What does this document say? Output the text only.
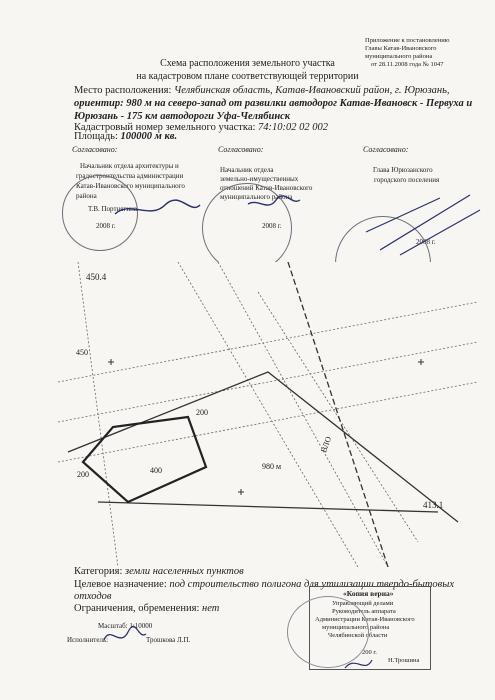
Приложение к постановлению
Главы Катав-Ивановского
муниципального района
от 28.11.2008 года № 1047
Схема расположения земельного участка
на кадастровом плане соответствующей территории
Место расположения: Челябинская область, Катав-Ивановский район, г. Юрюзань,
ориентир: 980 м на северо-запад от развилки автодорог Катав-Ивановск - Первуха и
Юрюзань - 175 км автодороги Уфа-Челябинск
Кадастровый номер земельного участка: 74:10:02 02 002
Площадь: 100000 м кв.
Согласовано:	Согласовано:	Согласовано:
Начальник отдела архитектуры и
градостроительства администрации
Катав-Ивановского муниципального
района
Т.В. Портнягина
2008 г.
Начальник отдела
земельно-имущественных
отношений Катав-Ивановского
муниципального района
2008 г.
Глава Юрюзанского
городского поселения
2008 г.
450.4
450
200	400
200
980 м
413.1
ВЛО
Категория: земли населенных пунктов
Целевое назначение: под строительство полигона для утилизации твердо-бытовых
отходов
Ограничения, обременения: нет
Масштаб: 1:10000
Исполнитель:	Трошкова Л.П.
«Копия верна»
Управляющий делами
Руководитель аппарата
Администрации Катав-Ивановского
муниципального района
Челябинской области
200 г.
Н.Трошина
